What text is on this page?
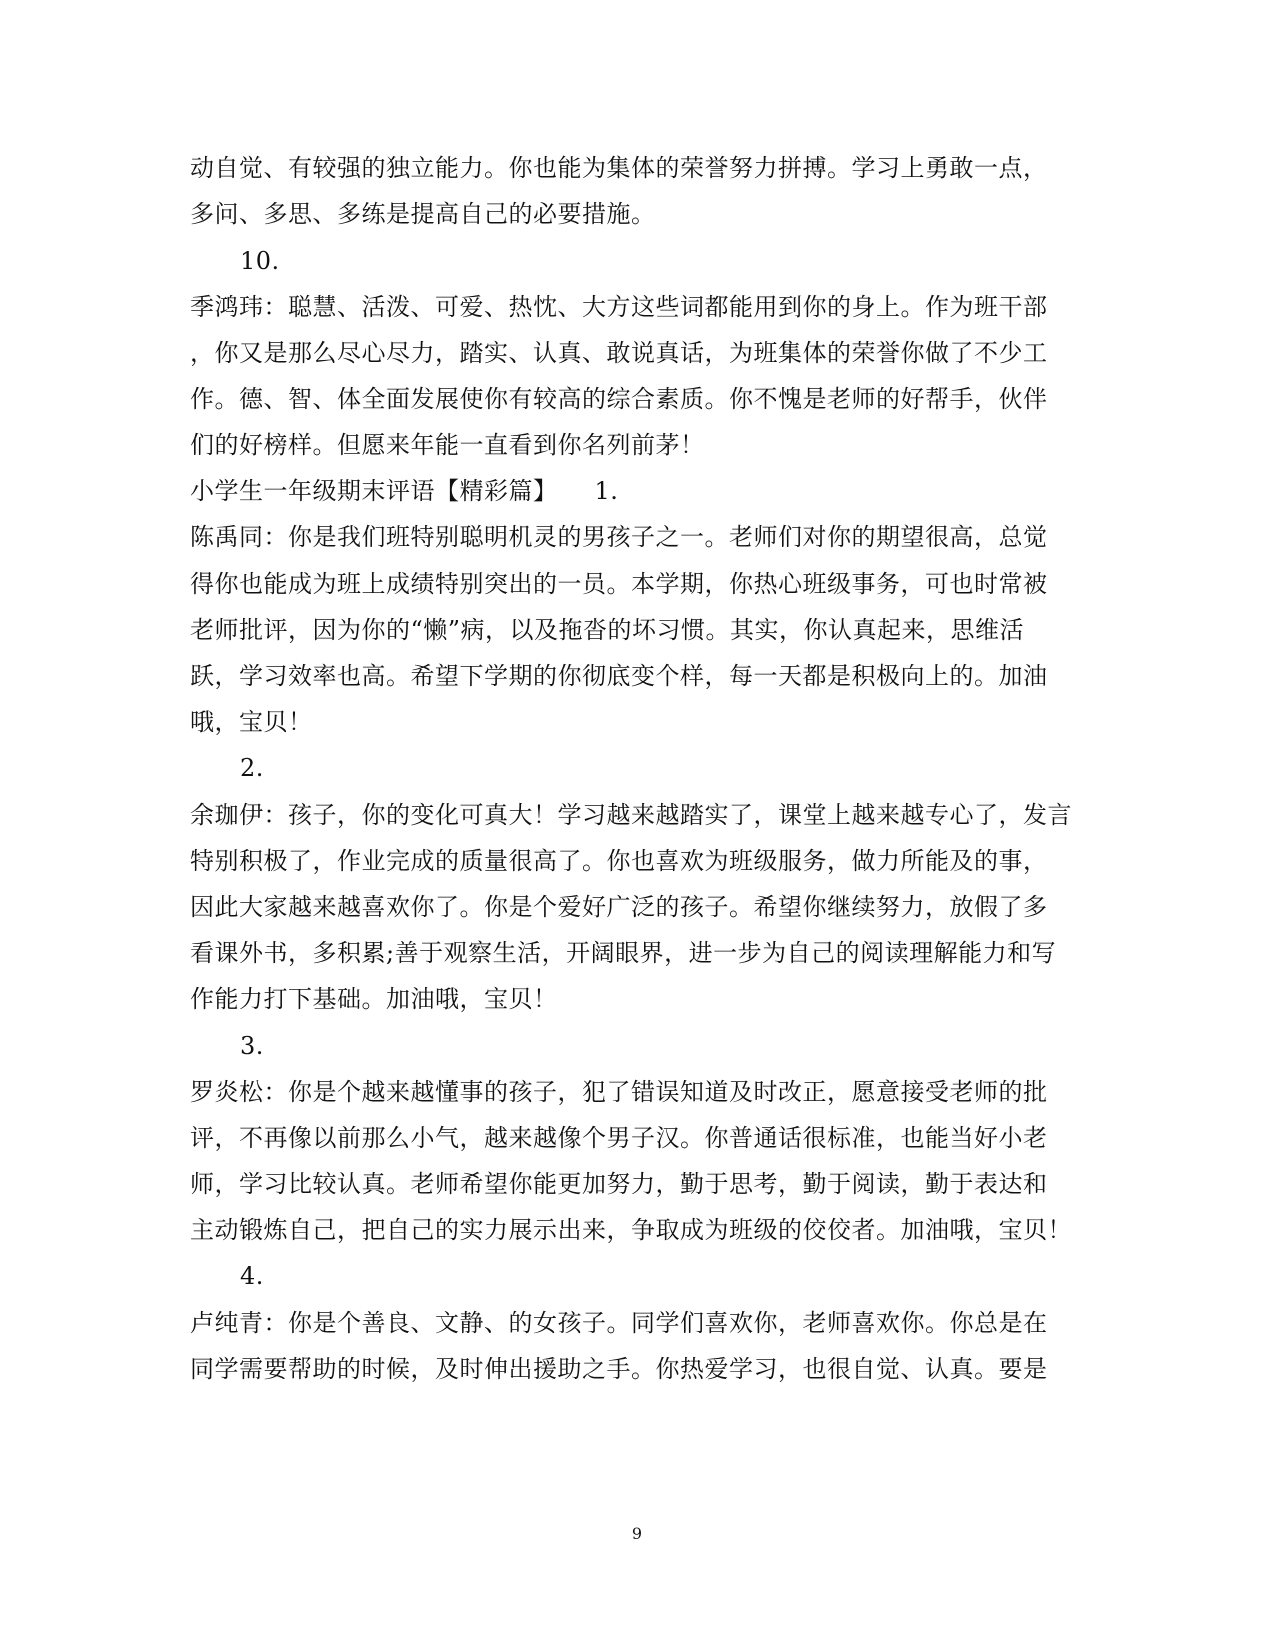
动自觉、有较强的独立能力。你也能为集体的荣誉努力拼搏。学习上勇敢一点，
多问、多思、多练是提高自己的必要措施。
10.
季鸿玮：聪慧、活泼、可爱、热忱、大方这些词都能用到你的身上。作为班干部
，你又是那么尽心尽力，踏实、认真、敢说真话，为班集体的荣誉你做了不少工
作。德、智、体全面发展使你有较高的综合素质。你不愧是老师的好帮手，伙伴
们的好榜样。但愿来年能一直看到你名列前茅！
小学生一年级期末评语【精彩篇】　　1.
陈禹同：你是我们班特别聪明机灵的男孩子之一。老师们对你的期望很高，总觉
得你也能成为班上成绩特别突出的一员。本学期，你热心班级事务，可也时常被
老师批评，因为你的“懒”病，以及拖沓的坏习惯。其实，你认真起来，思维活
跃，学习效率也高。希望下学期的你彻底变个样，每一天都是积极向上的。加油
哦，宝贝！
2.
余珈伊：孩子，你的变化可真大！学习越来越踏实了，课堂上越来越专心了，发言
特别积极了，作业完成的质量很高了。你也喜欢为班级服务，做力所能及的事，
因此大家越来越喜欢你了。你是个爱好广泛的孩子。希望你继续努力，放假了多
看课外书，多积累;善于观察生活，开阔眼界，进一步为自己的阅读理解能力和写
作能力打下基础。加油哦，宝贝！
3.
罗炎松：你是个越来越懂事的孩子，犯了错误知道及时改正，愿意接受老师的批
评，不再像以前那么小气，越来越像个男子汉。你普通话很标准，也能当好小老
师，学习比较认真。老师希望你能更加努力，勤于思考，勤于阅读，勤于表达和
主动锻炼自己，把自己的实力展示出来，争取成为班级的佼佼者。加油哦，宝贝！
4.
卢纯青：你是个善良、文静、的女孩子。同学们喜欢你，老师喜欢你。你总是在
同学需要帮助的时候，及时伸出援助之手。你热爱学习，也很自觉、认真。要是
9
